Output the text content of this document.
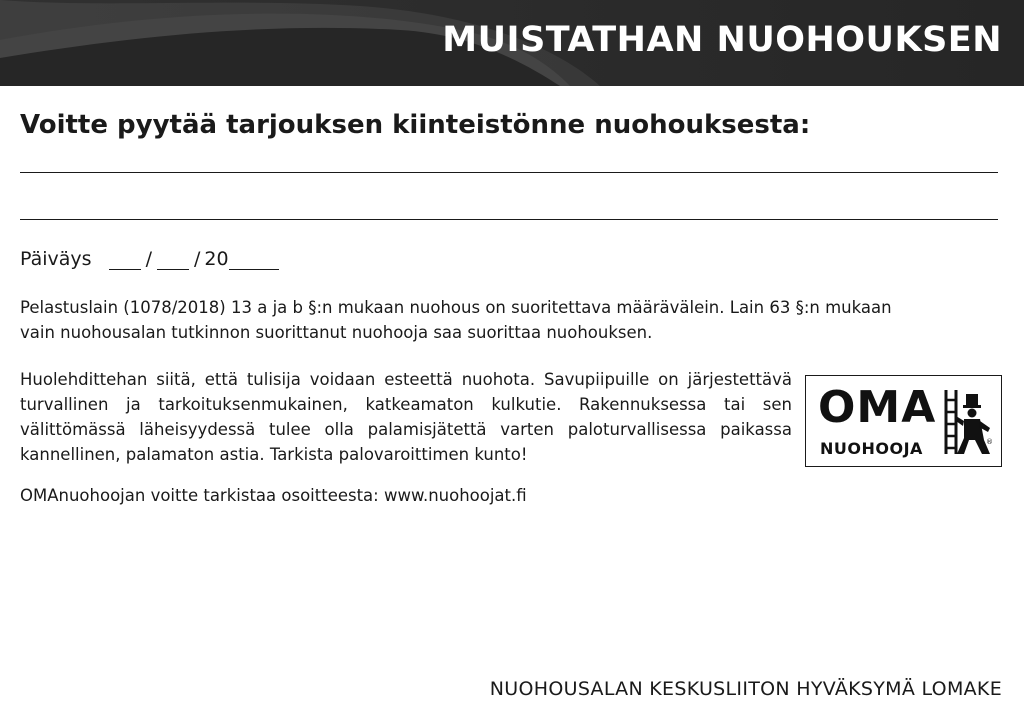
MUISTATHAN NUOHOUKSEN
Voitte pyytää tarjouksen kiinteistönne nuohouksesta:
Päiväys	/ / 20
Pelastuslain (1078/2018) 13 a ja b §:n mukaan nuohous on suoritettava määrävälein. Lain 63 §:n mukaan
vain nuohousalan tutkinnon suorittanut nuohooja saa suorittaa nuohouksen.
Huolehdittehan siitä, että tulisija voidaan esteettä nuohota. Savupiipuille on järjestettävä turvallinen ja tarkoituksenmukainen, katkeamaton kulkutie. Rakennuksessa tai sen välittömässä läheisyydessä tulee olla palamisjätettä varten paloturvallisessa paikassa kannellinen, palamaton astia. Tarkista palovaroittimen kunto!
OMAnuohoojan voitte tarkistaa osoitteesta: www.nuohoojat.fi
OMA
NUOHOOJA	®
NUOHOUSALAN KESKUSLIITON HYVÄKSYMÄ LOMAKE
